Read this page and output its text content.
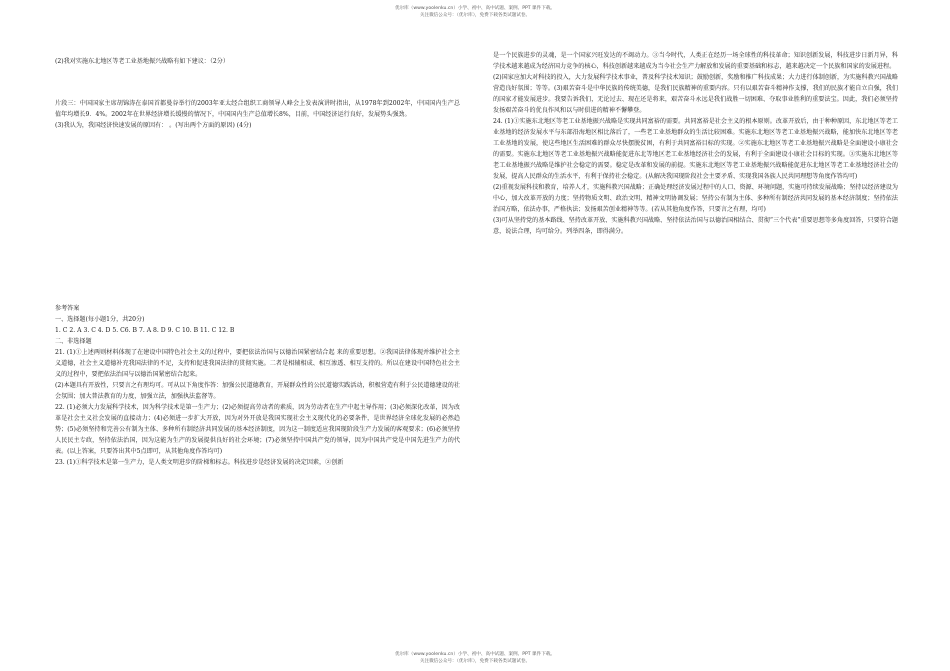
优尔库（www.yoolenku.cn）小学、初中、高中试题、案例、PPT 课件下载。
关注微信公众号：（优尔库），免费下载各类试题试卷。

(2)我对实施东北地区等老工业基地振兴战略有如下建议：（2分）

片段三：中国国家主席胡锦涛在泰国首都曼谷举行的2003年亚太经合组织工商领导人峰会上发表演讲时指出，从1978年到2002年，中国国内生产总值年均增长9．4%。2002年在世界经济增长缓慢的情况下，中国国内生产总值增长8%，目前，中国经济运行良好，发展势头强劲。

(3)我认为，我国经济快速发展的原因有： 。(写出两个方面的原因) (4分)

参考答案

一、选择题(每小题1分，共20分)

1. C 2. A 3. C 4. D 5. C6. B 7. A 8. D 9. C 10. B 11. C 12. B

二、非选择题

21. (1)①上述两则材料体现了在建设中国特色社会主义的过程中，要把依法治国与以德治国紧密结合起 来的重要思想。②我国法律体现并维护社会主义道德，社会主义道德补充我国法律的不足，支持和促进我国法律的贯彻实施。二者是相辅相成、相互渗透、相互支持的。所以在建设中国特色社会主义的过程中，要把依法治国与以德治国紧密结合起来。

(2)本题具有开放性，只要言之有理均可。可从以下角度作答：加强公民道德教育，开展群众性的公民道德实践活动，积极营造有利于公民道德建设的社会氛围；加大普法教育的力度，加强立法，加强执法监督等。

22. (1)必须大力发展科学技术，因为科学技术是第一生产力；(2)必须提高劳动者的素质，因为劳动者在生产中起主导作用；(3)必须深化改革，因为改革是社会主义社会发展的直接动力；(4)必须进一步扩大开放，因为对外开放是我国实现社会主义现代化的必要条件，是世界经济全球化发展的必然趋势；(5)必须坚持和完善公有制为主体、多种所有制经济共同发展的基本经济制度，因为这一制度适应我国现阶段生产力发展的客观要求；(6)必须坚持人民民主专政，坚持依法治国，因为这能为生产的发展提供良好的社会环境；(7)必须坚持中国共产党的领导，因为中国共产党是中国先进生产力的代表。(以上答案，只要答出其中5点即可，从其他角度作答均可)

23. (1)①科学技术是第一生产力，是人类文明进步的阶梯和标志。科技进步是经济发展的决定因素，②创新

是一个民族进步的灵魂，是一个国家兴旺发达的不竭动力。③当今时代，人类正在经历一场全球性的科技革命；知识创新发展，科技进步日新月异，科学技术越来越成为经济国力竞争的核心，科技创新越来越成为当今社会生产力解放和发展的重要基础和标志，越来越决定一个民族和国家的发展进程。

(2)国家应加大对科技的投入，大力发展科学技术事业，普及科学技术知识；鼓励创新，奖励和推广科技成果；大力进行体制创新，为实施科教兴国战略营造良好氛围；等等。(3)艰苦奋斗是中华民族的传统美德，是我们民族精神的重要内容。只有以艰苦奋斗精神作支撑，我们的民族才能自立自强，我们的国家才能发展进步。我要告诉我们，无论过去、现在还是将来，艰苦奋斗永远是我们战胜一切困难、夺取事业胜利的重要法宝。因此，我们必须坚持发扬艰苦奋斗的优良作风和以与时俱进的精神不懈攀登。

24. (1)①实施东北地区等老工业基地振兴战略是实现共同富裕的需要。共同富裕是社会主义的根本原则。改革开放后，由于种种原因，东北地区等老工业基地的经济发展水平与东部沿海地区相比落后了，一些老工业基地群众的生活比较困难。实施东北地区等老工业基地振兴战略，能加快东北地区等老工业基地的发展，使这些地区生活困难的群众尽快摆脱贫困，有利于共同富裕目标的实现。②实施东北地区等老工业基地振兴战略是全面建设小康社会的需要。实施东北地区等老工业基地振兴战略能促进东北等地区老工业基地经济社会的发展，有利于全面建设小康社会目标的实现。③实施东北地区等老工业基地振兴战略是维护社会稳定的需要。稳定是改革和发展的前提。实施东北地区等老工业基地振兴战略能促进东北地区等老工业基地经济社会的发展，提高人民群众的生活水平，有利于保持社会稳定。(从解决我国现阶段社会主要矛盾、实现我国各族人民共同理想等角度作答均可)

(2)重视发展科技和教育，培养人才，实施科教兴国战略；正确处理经济发展过程中的人口、资源、环境问题，实施可持续发展战略；坚持以经济建设为中心，加大改革开放的力度；坚持物质文明、政治文明、精神文明协调发展；坚持公有制为主体、多种所有制经济共同发展的基本经济制度；坚持依法治国方略，依法办事，严格执法；发扬艰苦创业精神等等。(若从其他角度作答，只要言之有理，均可)

(3)可从坚持党的基本路线、坚持改革开放、实施科教兴国战略、坚持依法治国与以德治国相结合、贯彻“三个代表”重要思想等多角度回答，只要符合题意，说法合理，均可给分。列举四条，即得满分。

优尔库（www.yoolenku.cn）小学、初中、高中试题、案例、PPT 课件下载。
关注微信公众号：（优尔库），免费下载各类试题试卷。
